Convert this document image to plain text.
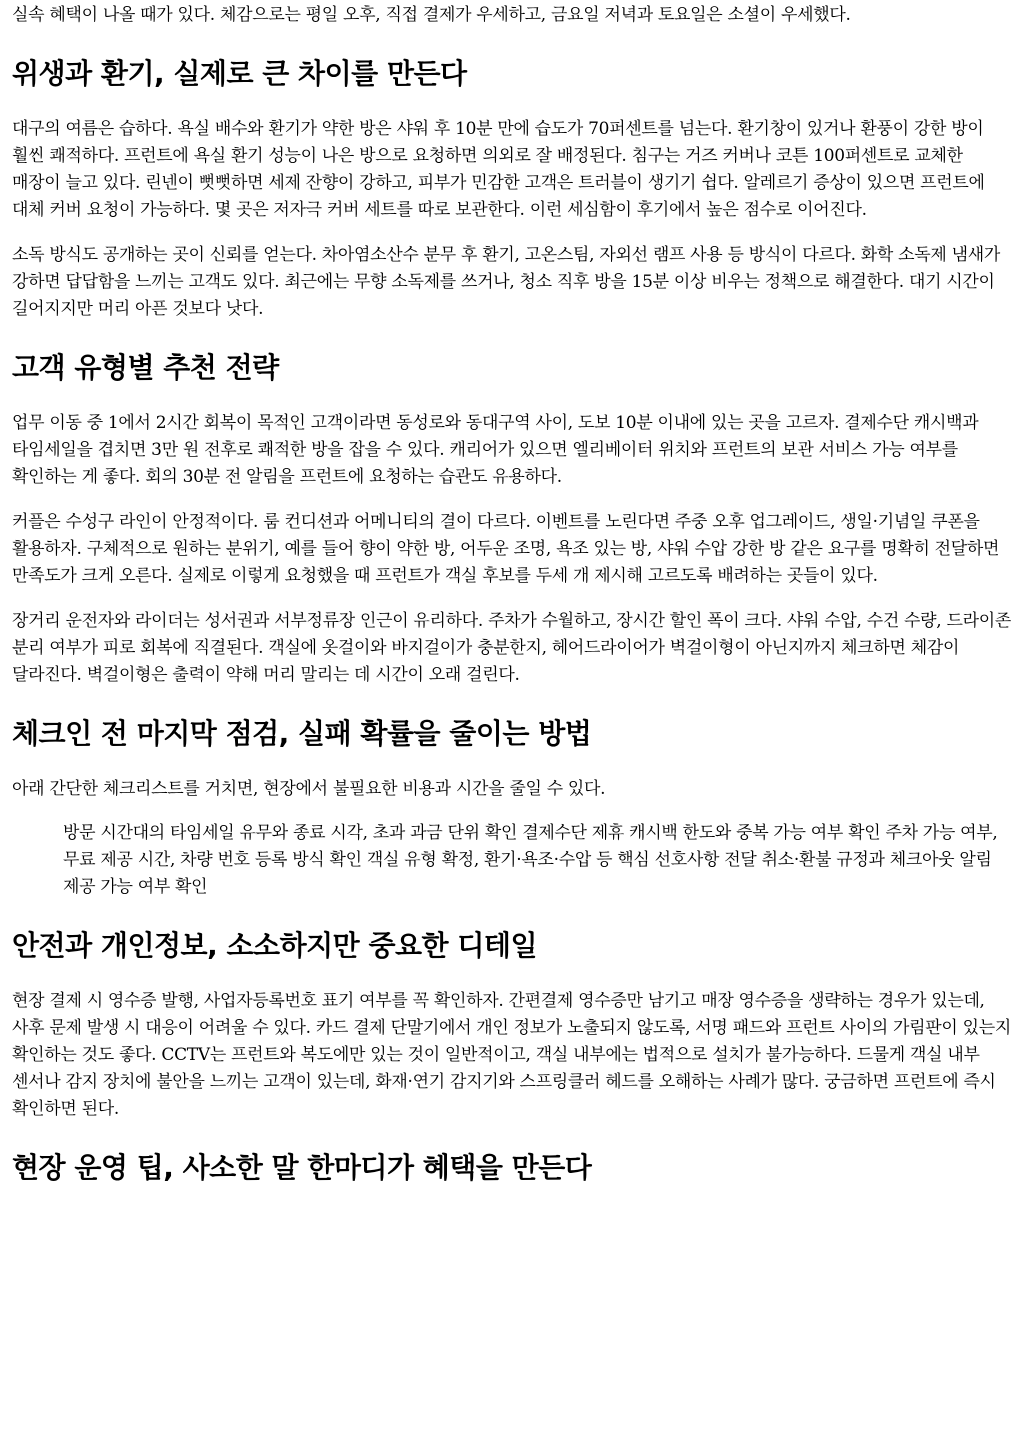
실속 혜택이 나올 때가 있다. 체감으로는 평일 오후, 직접 결제가 우세하고, 금요일 저녁과 토요일은 소셜이 우세했다.

위생과 환기, 실제로 큰 차이를 만든다

대구의 여름은 습하다. 욕실 배수와 환기가 약한 방은 샤워 후 10분 만에 습도가 70퍼센트를 넘는다. 환기창이 있거나 환풍이 강한 방이 훨씬 쾌적하다. 프런트에 욕실 환기 성능이 나은 방으로 요청하면 의외로 잘 배정된다. 침구는 거즈 커버나 코튼 100퍼센트로 교체한 매장이 늘고 있다. 린넨이 뻣뻣하면 세제 잔향이 강하고, 피부가 민감한 고객은 트러블이 생기기 쉽다. 알레르기 증상이 있으면 프런트에 대체 커버 요청이 가능하다. 몇 곳은 저자극 커버 세트를 따로 보관한다. 이런 세심함이 후기에서 높은 점수로 이어진다.

소독 방식도 공개하는 곳이 신뢰를 얻는다. 차아염소산수 분무 후 환기, 고온스팀, 자외선 램프 사용 등 방식이 다르다. 화학 소독제 냄새가 강하면 답답함을 느끼는 고객도 있다. 최근에는 무향 소독제를 쓰거나, 청소 직후 방을 15분 이상 비우는 정책으로 해결한다. 대기 시간이 길어지지만 머리 아픈 것보다 낫다.

고객 유형별 추천 전략

업무 이동 중 1에서 2시간 회복이 목적인 고객이라면 동성로와 동대구역 사이, 도보 10분 이내에 있는 곳을 고르자. 결제수단 캐시백과 타임세일을 겹치면 3만 원 전후로 쾌적한 방을 잡을 수 있다. 캐리어가 있으면 엘리베이터 위치와 프런트의 보관 서비스 가능 여부를 확인하는 게 좋다. 회의 30분 전 알림을 프런트에 요청하는 습관도 유용하다.

커플은 수성구 라인이 안정적이다. 룸 컨디션과 어메니티의 결이 다르다. 이벤트를 노린다면 주중 오후 업그레이드, 생일·기념일 쿠폰을 활용하자. 구체적으로 원하는 분위기, 예를 들어 향이 약한 방, 어두운 조명, 욕조 있는 방, 샤워 수압 강한 방 같은 요구를 명확히 전달하면 만족도가 크게 오른다. 실제로 이렇게 요청했을 때 프런트가 객실 후보를 두세 개 제시해 고르도록 배려하는 곳들이 있다.

장거리 운전자와 라이더는 성서권과 서부정류장 인근이 유리하다. 주차가 수월하고, 장시간 할인 폭이 크다. 샤워 수압, 수건 수량, 드라이존 분리 여부가 피로 회복에 직결된다. 객실에 옷걸이와 바지걸이가 충분한지, 헤어드라이어가 벽걸이형이 아닌지까지 체크하면 체감이 달라진다. 벽걸이형은 출력이 약해 머리 말리는 데 시간이 오래 걸린다.

체크인 전 마지막 점검, 실패 확률을 줄이는 방법

아래 간단한 체크리스트를 거치면, 현장에서 불필요한 비용과 시간을 줄일 수 있다.

방문 시간대의 타임세일 유무와 종료 시각, 초과 과금 단위 확인 결제수단 제휴 캐시백 한도와 중복 가능 여부 확인 주차 가능 여부, 무료 제공 시간, 차량 번호 등록 방식 확인 객실 유형 확정, 환기·욕조·수압 등 핵심 선호사항 전달 취소·환불 규정과 체크아웃 알림 제공 가능 여부 확인
안전과 개인정보, 소소하지만 중요한 디테일

현장 결제 시 영수증 발행, 사업자등록번호 표기 여부를 꼭 확인하자. 간편결제 영수증만 남기고 매장 영수증을 생략하는 경우가 있는데, 사후 문제 발생 시 대응이 어려울 수 있다. 카드 결제 단말기에서 개인 정보가 노출되지 않도록, 서명 패드와 프런트 사이의 가림판이 있는지 확인하는 것도 좋다. CCTV는 프런트와 복도에만 있는 것이 일반적이고, 객실 내부에는 법적으로 설치가 불가능하다. 드물게 객실 내부 센서나 감지 장치에 불안을 느끼는 고객이 있는데, 화재·연기 감지기와 스프링클러 헤드를 오해하는 사례가 많다. 궁금하면 프런트에 즉시 확인하면 된다.

현장 운영 팁, 사소한 말 한마디가 혜택을 만든다
